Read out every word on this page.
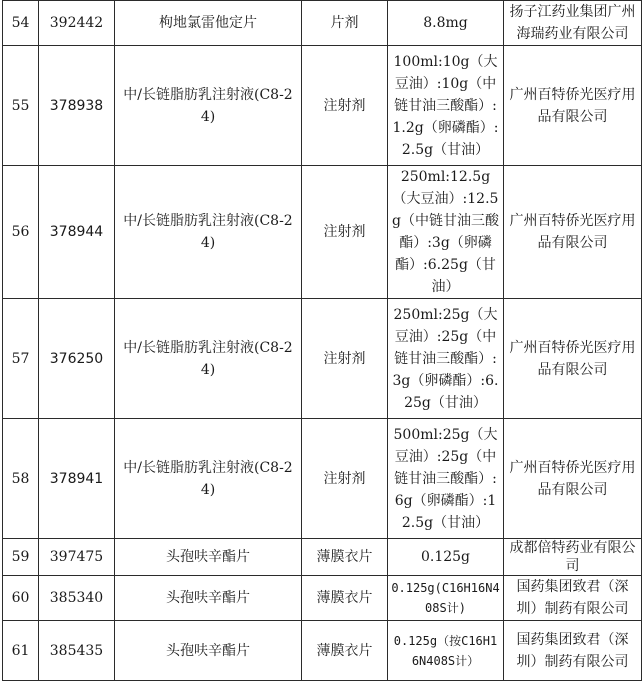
54	392442	枸地氯雷他定片	片剂	8.8mg	扬子江药业集团广州海瑞药业有限公司
55	378938	中/长链脂肪乳注射液(C8-24)	注射剂	100ml:10g（大豆油）:10g（中链甘油三酸酯）:1.2g（卵磷酯）:2.5g（甘油）	广州百特侨光医疗用品有限公司
56	378944	中/长链脂肪乳注射液(C8-24)	注射剂	250ml:12.5g（大豆油）:12.5g（中链甘油三酸酯）:3g（卵磷酯）:6.25g（甘油）	广州百特侨光医疗用品有限公司
57	376250	中/长链脂肪乳注射液(C8-24)	注射剂	250ml:25g（大豆油）:25g（中链甘油三酸酯）:3g（卵磷酯）:6.25g（甘油）	广州百特侨光医疗用品有限公司
58	378941	中/长链脂肪乳注射液(C8-24)	注射剂	500ml:25g（大豆油）:25g（中链甘油三酸酯）:6g（卵磷酯）:12.5g（甘油）	广州百特侨光医疗用品有限公司
59	397475	头孢呋辛酯片	薄膜衣片	0.125g	成都倍特药业有限公司
60	385340	头孢呋辛酯片	薄膜衣片	0.125g(C16H16N408S计)	国药集团致君（深圳）制药有限公司
61	385435	头孢呋辛酯片	薄膜衣片	0.125g（按C16H16N408S计）	国药集团致君（深圳）制药有限公司
